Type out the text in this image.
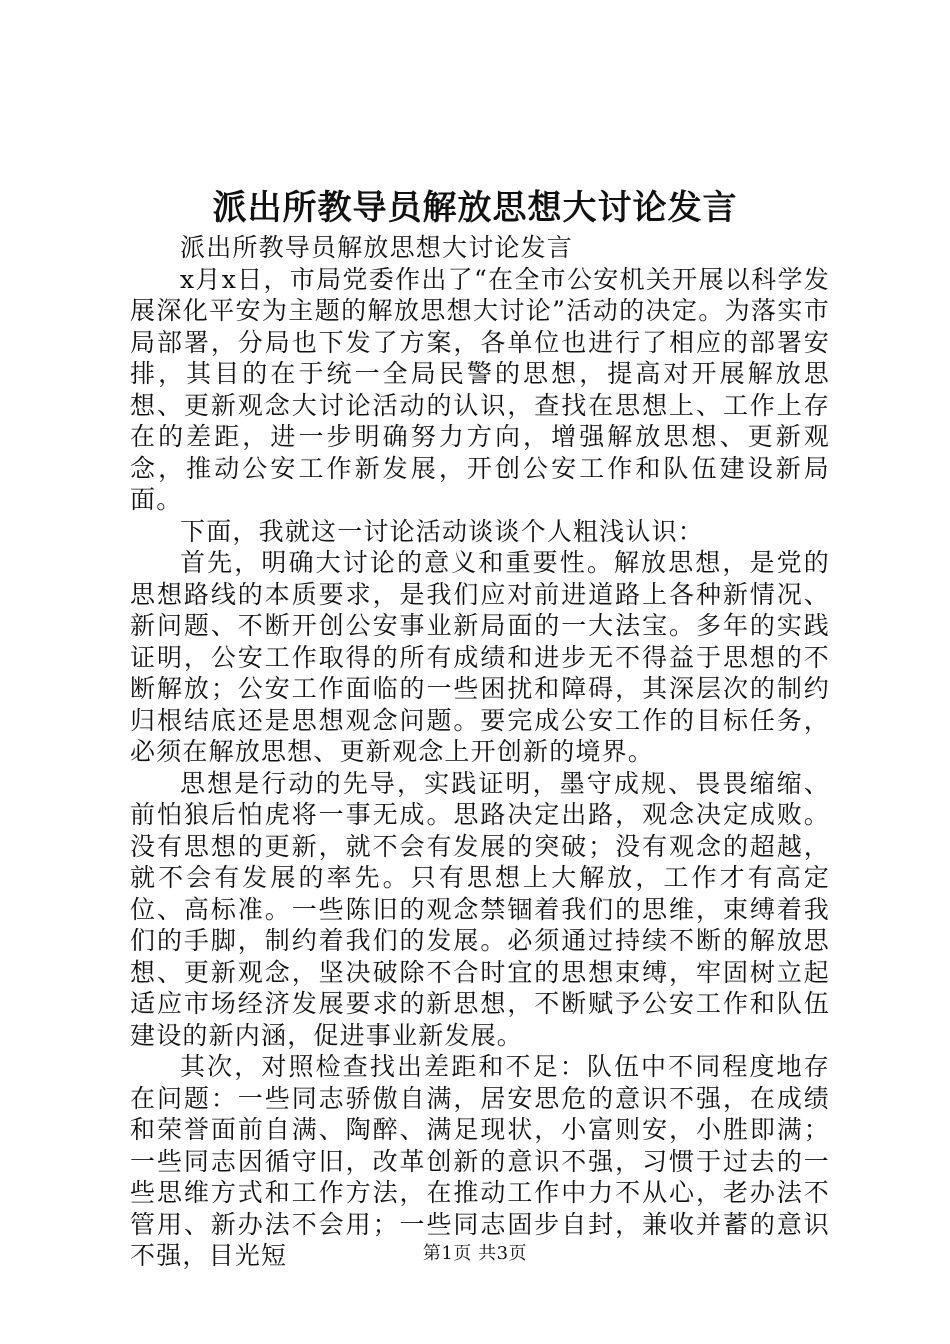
派出所教导员解放思想大讨论发言

派出所教导员解放思想大讨论发言

x月x日，市局党委作出了“在全市公安机关开展以科学发展深化平安为主题的解放思想大讨论”活动的决定。为落实市局部署，分局也下发了方案，各单位也进行了相应的部署安排，其目的在于统一全局民警的思想，提高对开展解放思想、更新观念大讨论活动的认识，查找在思想上、工作上存在的差距，进一步明确努力方向，增强解放思想、更新观念，推动公安工作新发展，开创公安工作和队伍建设新局面。

下面，我就这一讨论活动谈谈个人粗浅认识：

首先，明确大讨论的意义和重要性。解放思想，是党的思想路线的本质要求，是我们应对前进道路上各种新情况、新问题、不断开创公安事业新局面的一大法宝。多年的实践证明，公安工作取得的所有成绩和进步无不得益于思想的不断解放；公安工作面临的一些困扰和障碍，其深层次的制约归根结底还是思想观念问题。要完成公安工作的目标任务，必须在解放思想、更新观念上开创新的境界。

思想是行动的先导，实践证明，墨守成规、畏畏缩缩、前怕狼后怕虎将一事无成。思路决定出路，观念决定成败。没有思想的更新，就不会有发展的突破；没有观念的超越，就不会有发展的率先。只有思想上大解放，工作才有高定位、高标准。一些陈旧的观念禁锢着我们的思维，束缚着我们的手脚，制约着我们的发展。必须通过持续不断的解放思想、更新观念，坚决破除不合时宜的思想束缚，牢固树立起适应市场经济发展要求的新思想，不断赋予公安工作和队伍建设的新内涵，促进事业新发展。

其次，对照检查找出差距和不足：队伍中不同程度地存在问题：一些同志骄傲自满，居安思危的意识不强，在成绩和荣誉面前自满、陶醉、满足现状，小富则安，小胜即满；一些同志因循守旧，改革创新的意识不强，习惯于过去的一些思维方式和工作方法，在推动工作中力不从心，老办法不管用、新办法不会用；一些同志固步自封，兼收并蓄的意识不强，目光短	第1页 共3页
